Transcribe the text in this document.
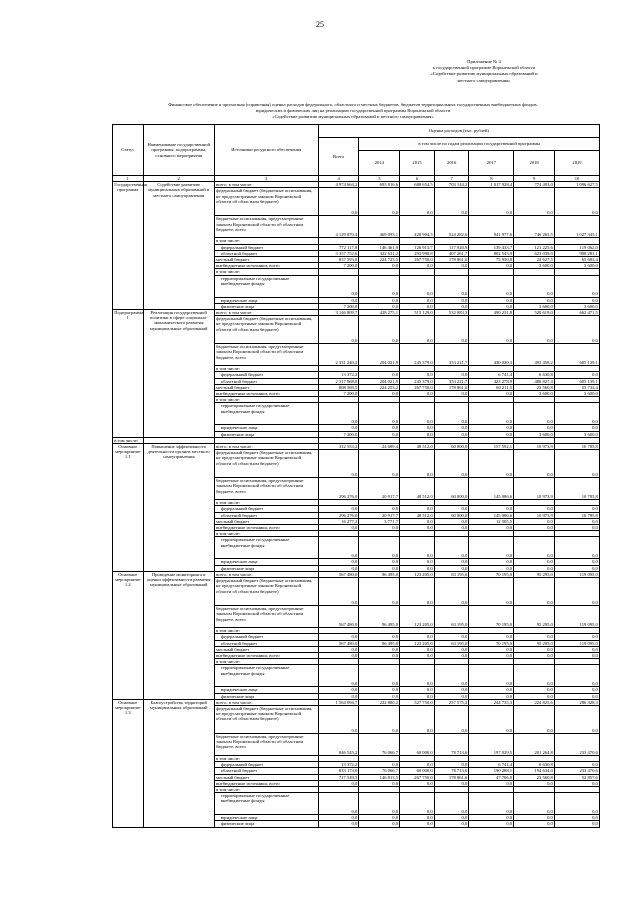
25
Приложение № 4
к государственной программе Воронежской области
«Содействие развитию муниципальных образований и
местного самоуправления»
Финансовое обеспечение и прогнозная (справочная) оценка расходов федерального, областного и местных бюджетов, бюджетов территориальных государственных внебюджетных фондов,
юридических и физических лиц на реализацию государственной программы Воронежской области
«Содействие развитию муниципальных образований и местного самоуправления»
Статус	Наименование государственной программы, подпрограммы, основного мероприятия	Источники ресурсного обеспечения	Оценка расходов (тыс. рублей)						
			Всего	в том числе по годам реализации государственной программы					
				2014	2015	2016	2017	2018	2019
1	2	3	4	5	6	7	8	9	10
Государственная программа	Содействие развитию муниципальных образований и местного самоуправления	всего, в том числе:	4 974 664,2	693 816,6	688 654,5	703 144,2	1 017 928,4	774 493,0	1 096 627,5
		федеральный бюджет (бюджетные ассигнования, не предусмотренные законом Воронежской области об областном бюджете)	0,0	0,0	0,0	0,0	0,0	0,0	0,0
		бюджетные ассигнования, предусмотренные законом Воронежской области об областном бюджете, всего	4 129 870,4	469 093,1	420 904,5	524 282,6	941 977,6	746 265,5	1 027 345,1
		в том числе:							
		федеральный бюджет	772 117,8	146 461,9	126 913,7	117 020,9	139 433,7	121 225,6	119 062,0
		областной бюджет	3 357 752,6	322 631,2	293 990,8	407 261,7	802 543,9	623 039,9	908 283,1
		местный бюджет	837 593,8	224 723,5	267 750,0	178 861,6	75 950,8	24 627,5	65 682,4
		внебюджетные источники, всего	7 200,0	0,0	0,0	0,0	0,0	3 600,0	3 600,0
		в том числе:							
		территориальные государственные внебюджетные фонды	0,0	0,0	0,0	0,0	0,0	0,0	0,0
		юридические лица	0,0	0,0	0,0	0,0	0,0	0,0	0,0
		физические лица	7 200,0	0,0	0,0	0,0	0,0	3 600,0	3 600,0
Подпрограмма 1	Реализация государственной политики в сфере социально-экономического развития муниципальных образований	всего, в том числе:	3 146 809,7	428 275,1	513 129,0	532 083,3	490 231,8	520 619,0	662 471,5
		федеральный бюджет (бюджетные ассигнования, не предусмотренные законом Воронежской области об областном бюджете)	0,0	0,0	0,0	0,0	0,0	0,0	0,0
		бюджетные ассигнования, предусмотренные законом Воронежской области об областном бюджете, всего	2 331 240,2	204 021,9	245 379,0	353 221,7	430 020,3	493 458,2	605 139,1
		в том числе:							
		федеральный бюджет	13 372,2	0,0	0,0	0,0	6 741,4	6 630,8	0,0
		областной бюджет	2 317 868,0	204 021,9	245 379,0	353 221,7	423 278,9	486 827,4	605 139,1
		местный бюджет	808 369,5	224 253,2	267 750,0	178 861,6	60 211,5	23 560,8	53 732,4
		внебюджетные источники, всего	7 200,0	0,0	0,0	0,0	0,0	3 600,0	3 600,0
		в том числе:							
		территориальные государственные внебюджетные фонды	0,0	0,0	0,0	0,0	0,0	0,0	0,0
		юридические лица	0,0	0,0	0,0	0,0	0,0	0,0	0,0
		физические лица	7 200,0	0,0	0,0	0,0	0,0	3 600,0	3 600,0
в том числе:									
Основное мероприятие 1.1	Повышение эффективности деятельности органов местного самоуправления	всего, в том числе:	312 553,2	24 689,4	48 512,0	60 000,0	157 592,1	10 973,9	10 785,8
		федеральный бюджет (бюджетные ассигнования, не предусмотренные законом Воронежской области об областном бюджете)	0,0	0,0	0,0	0,0	0,0	0,0	0,0
		бюджетные ассигнования, предусмотренные законом Воронежской области об областном бюджете, всего	296 276,0	20 917,7	48 512,0	60 000,0	145 086,6	10 973,9	10 785,8
		в том числе:							
		федеральный бюджет	0,0	0,0	0,0	0,0	0,0	0,0	0,0
		областной бюджет	296 276,0	20 917,7	48 512,0	60 000,0	145 086,6	10 973,9	10 785,8
		местный бюджет	16 277,2	3 771,7	0,0	0,0	12 505,5	0,0	0,0
		внебюджетные источники, всего	0,0	0,0	0,0	0,0	0,0	0,0	0,0
		в том числе:							
		территориальные государственные внебюджетные фонды	0,0	0,0	0,0	0,0	0,0	0,0	0,0
		юридические лица	0,0	0,0	0,0	0,0	0,0	0,0	0,0
		физические лица	0,0	0,0	0,0	0,0	0,0	0,0	0,0
Основное мероприятие 1.2	Проведение мониторинга и оценки эффективности развития муниципальных образований	всего, в том числе:	567 480,0	96 495,0	123 205,0	63 195,0	70 195,0	95 295,0	119 095,0
		федеральный бюджет (бюджетные ассигнования, не предусмотренные законом Воронежской области об областном бюджете)	0,0	0,0	0,0	0,0	0,0	0,0	0,0
		бюджетные ассигнования, предусмотренные законом Воронежской области об областном бюджете, всего	567 480,0	96 495,0	123 205,0	63 195,0	70 195,0	95 295,0	119 095,0
		в том числе:							
		федеральный бюджет	0,0	0,0	0,0	0,0	0,0	0,0	0,0
		областной бюджет	567 480,0	96 495,0	123 205,0	63 195,0	70 195,0	95 295,0	119 095,0
		местный бюджет	0,0	0,0	0,0	0,0	0,0	0,0	0,0
		внебюджетные источники, всего	0,0	0,0	0,0	0,0	0,0	0,0	0,0
		в том числе:							
		территориальные государственные внебюджетные фонды	0,0	0,0	0,0	0,0	0,0	0,0	0,0
		юридические лица	0,0	0,0	0,0	0,0	0,0	0,0	0,0
		физические лица	0,0	0,0	0,0	0,0	0,0	0,0	0,0
Основное мероприятие 1.3	Благоустройство территорий муниципальных образований	всего, в том числе:	1 564 094,7	222 880,2	327 750,0	257 575,2	244 735,3	224 825,6	286 328,3
		федеральный бюджет (бюджетные ассигнования, не предусмотренные законом Воронежской области об областном бюджете)	0,0	0,0	0,0	0,0	0,0	0,0	0,0
		бюджетные ассигнования, предусмотренные законом Воронежской области об областном бюджете, всего	846 545,2	76 066,7	60 000,0	78 713,6	197 029,5	201 264,8	233 470,6
		в том числе:							
		федеральный бюджет	13 372,2	0,0	0,0	0,0	6 741,4	6 630,8	0,0
		областной бюджет	833 173,0	76 066,7	60 000,0	78 713,6	190 288,1	194 634,0	233 470,6
		местный бюджет	717 549,5	146 813,5	267 750,0	178 861,6	47 706,0	23 560,8	52 857,6
		внебюджетные источники, всего	0,0	0,0	0,0	0,0	0,0	0,0	0,0
		в том числе:							
		территориальные государственные внебюджетные фонды	0,0	0,0	0,0	0,0	0,0	0,0	0,0
		юридические лица	0,0	0,0	0,0	0,0	0,0	0,0	0,0
		физические лица	0,0	0,0	0,0	0,0	0,0	0,0	0,0
